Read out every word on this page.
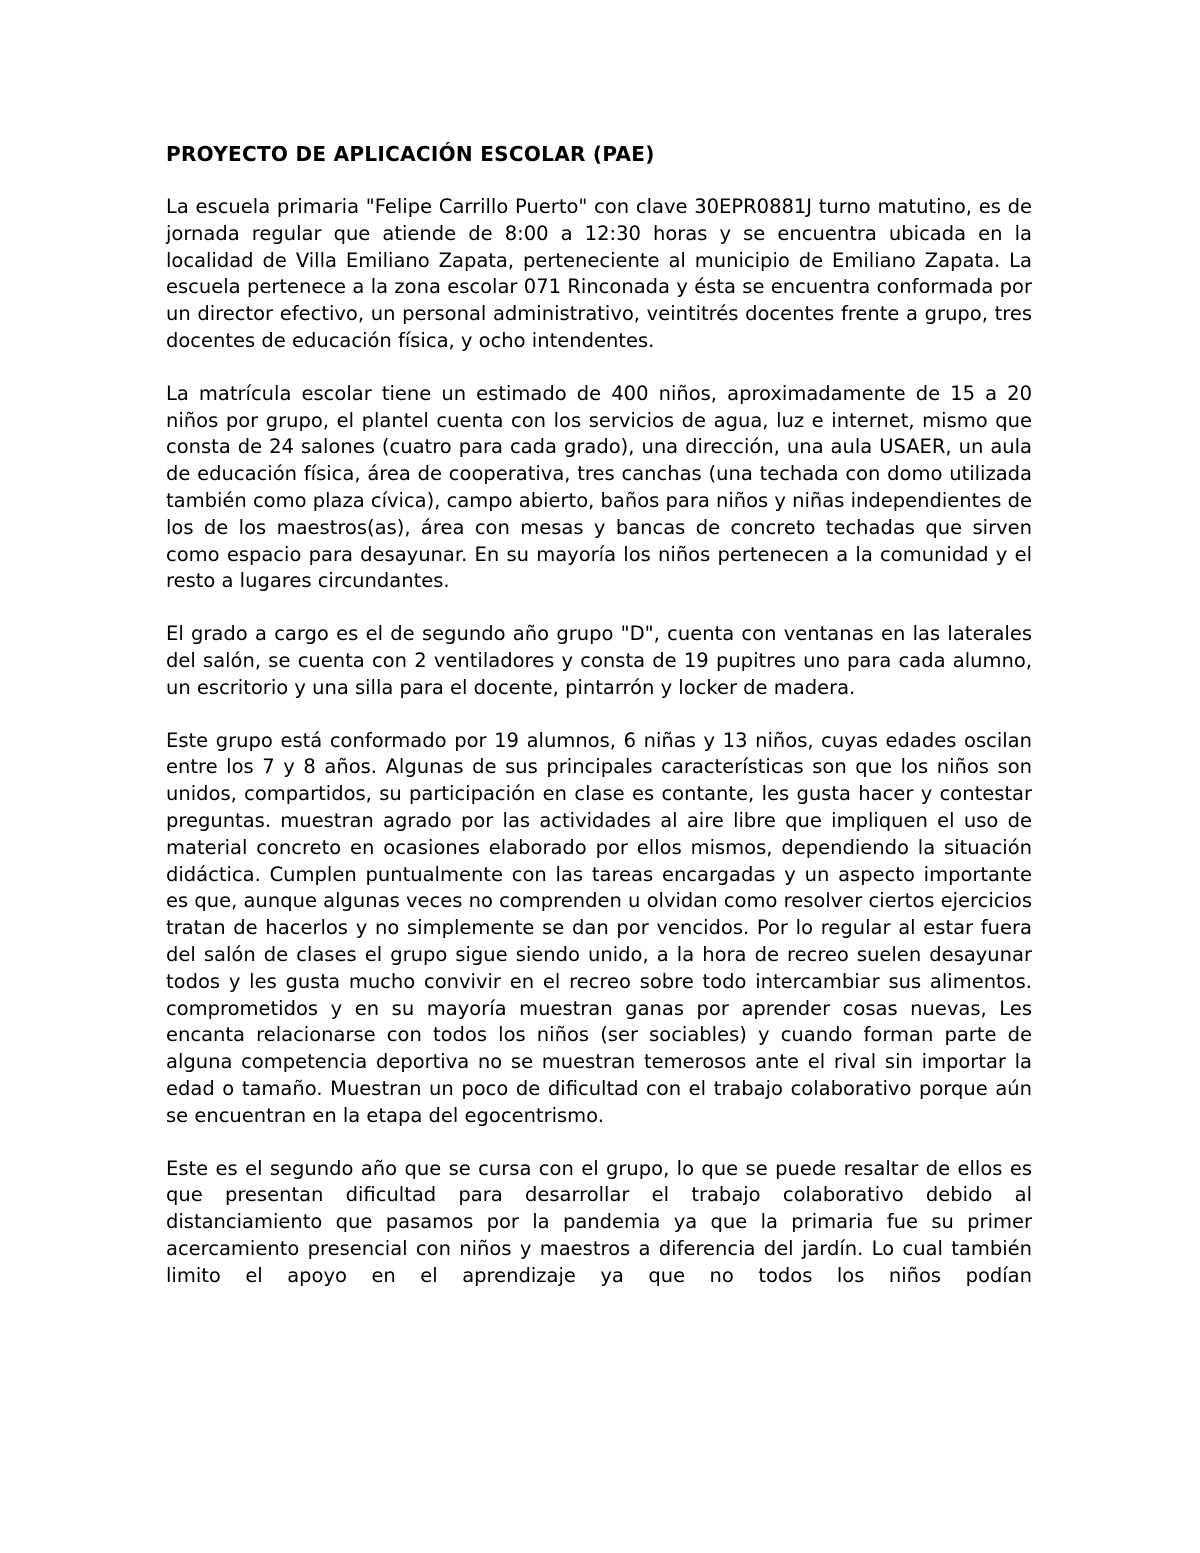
PROYECTO DE APLICACIÓN ESCOLAR (PAE)

La escuela primaria "Felipe Carrillo Puerto" con clave 30EPR0881J turno matutino, es de jornada regular que atiende de 8:00 a 12:30 horas y se encuentra ubicada en la localidad de Villa Emiliano Zapata, perteneciente al municipio de Emiliano Zapata. La escuela pertenece a la zona escolar 071 Rinconada y ésta se encuentra conformada por un director efectivo, un personal administrativo, veintitrés docentes frente a grupo, tres docentes de educación física, y ocho intendentes.

La matrícula escolar tiene un estimado de 400 niños, aproximadamente de 15 a 20 niños por grupo, el plantel cuenta con los servicios de agua, luz e internet, mismo que consta de 24 salones (cuatro para cada grado), una dirección, una aula USAER, un aula de educación física, área de cooperativa, tres canchas (una techada con domo utilizada también como plaza cívica), campo abierto, baños para niños y niñas independientes de los de los maestros(as), área con mesas y bancas de concreto techadas que sirven como espacio para desayunar. En su mayoría los niños pertenecen a la comunidad y el resto a lugares circundantes.

El grado a cargo es el de segundo año grupo "D", cuenta con ventanas en las laterales del salón, se cuenta con 2 ventiladores y consta de 19 pupitres uno para cada alumno, un escritorio y una silla para el docente, pintarrón y locker de madera.

Este grupo está conformado por 19 alumnos, 6 niñas y 13 niños, cuyas edades oscilan entre los 7 y 8 años. Algunas de sus principales características son que los niños son unidos, compartidos, su participación en clase es contante, les gusta hacer y contestar preguntas. muestran agrado por las actividades al aire libre que impliquen el uso de material concreto en ocasiones elaborado por ellos mismos, dependiendo la situación didáctica. Cumplen puntualmente con las tareas encargadas y un aspecto importante es que, aunque algunas veces no comprenden u olvidan como resolver ciertos ejercicios tratan de hacerlos y no simplemente se dan por vencidos. Por lo regular al estar fuera del salón de clases el grupo sigue siendo unido, a la hora de recreo suelen desayunar todos y les gusta mucho convivir en el recreo sobre todo intercambiar sus alimentos. comprometidos y en su mayoría muestran ganas por aprender cosas nuevas, Les encanta relacionarse con todos los niños (ser sociables) y cuando forman parte de alguna competencia deportiva no se muestran temerosos ante el rival sin importar la edad o tamaño. Muestran un poco de dificultad con el trabajo colaborativo porque aún se encuentran en la etapa del egocentrismo.

Este es el segundo año que se cursa con el grupo, lo que se puede resaltar de ellos es que presentan dificultad para desarrollar el trabajo colaborativo debido al distanciamiento que pasamos por la pandemia ya que la primaria fue su primer acercamiento presencial con niños y maestros a diferencia del jardín. Lo cual también limito el apoyo en el aprendizaje ya que no todos los niños podían
